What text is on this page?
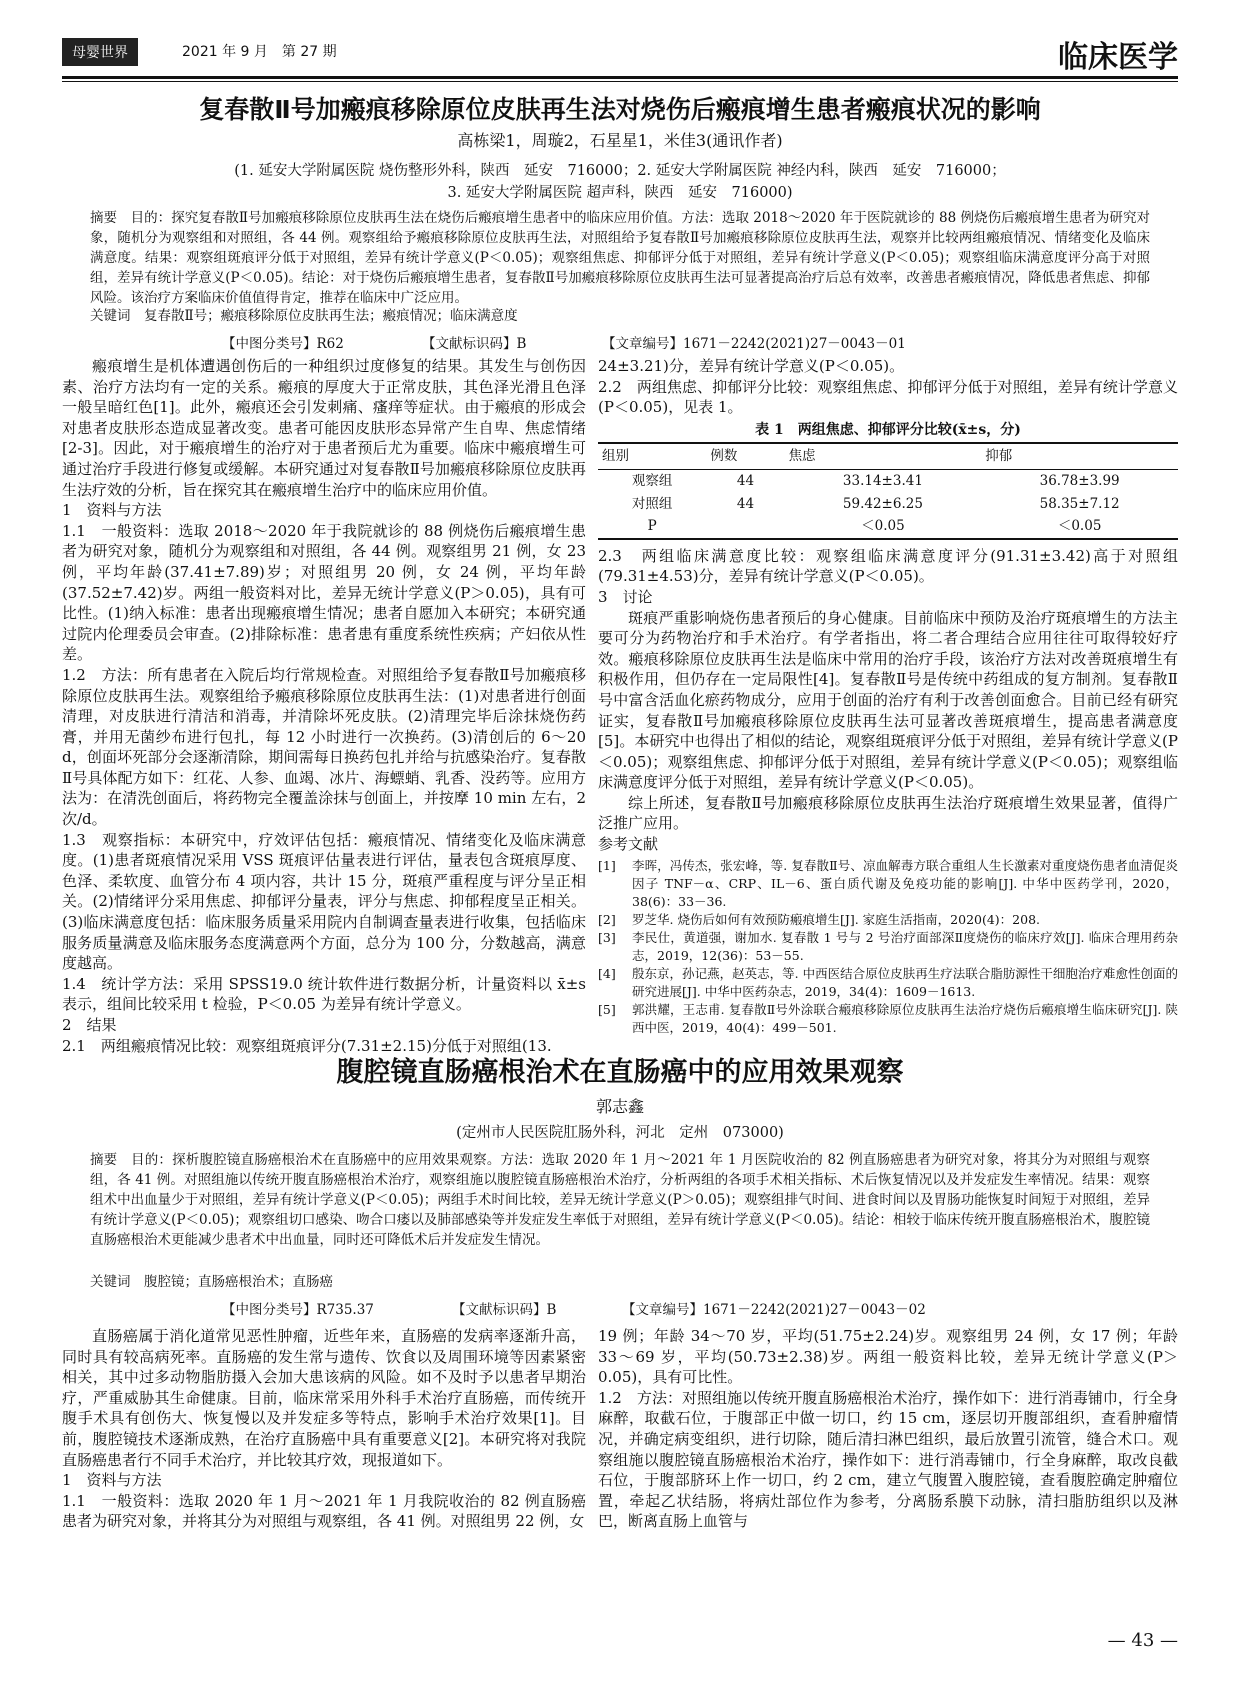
母婴世界	2021 年 9 月　第 27 期	临床医学
复春散Ⅱ号加瘢痕移除原位皮肤再生法对烧伤后瘢痕增生患者瘢痕状况的影响
高栋梁1，周璇2，石星星1，米佳3(通讯作者)
(1. 延安大学附属医院 烧伤整形外科，陕西　延安　716000；2. 延安大学附属医院 神经内科，陕西　延安　716000；
3. 延安大学附属医院 超声科，陕西　延安　716000)
摘要　目的：探究复春散Ⅱ号加瘢痕移除原位皮肤再生法在烧伤后瘢痕增生患者中的临床应用价值。方法：选取 2018～2020 年于医院就诊的 88 例烧伤后瘢痕增生患者为研究对象，随机分为观察组和对照组，各 44 例。观察组给予瘢痕移除原位皮肤再生法，对照组给予复春散Ⅱ号加瘢痕移除原位皮肤再生法，观察并比较两组瘢痕情况、情绪变化及临床满意度。结果：观察组斑痕评分低于对照组，差异有统计学意义(P＜0.05)；观察组焦虑、抑郁评分低于对照组，差异有统计学意义(P＜0.05)；观察组临床满意度评分高于对照组，差异有统计学意义(P＜0.05)。结论：对于烧伤后瘢痕增生患者，复春散Ⅱ号加瘢痕移除原位皮肤再生法可显著提高治疗后总有效率，改善患者瘢痕情况，降低患者焦虑、抑郁风险。该治疗方案临床价值值得肯定，推荐在临床中广泛应用。
关键词　复春散Ⅱ号；瘢痕移除原位皮肤再生法；瘢痕情况；临床满意度
【中图分类号】R62	【文献标识码】B	【文章编号】1671－2242(2021)27－0043－01

瘢痕增生是机体遭遇创伤后的一种组织过度修复的结果。其发生与创伤因素、治疗方法均有一定的关系。瘢痕的厚度大于正常皮肤，其色泽光滑且色泽一般呈暗红色[1]。此外，瘢痕还会引发刺痛、瘙痒等症状。由于瘢痕的形成会对患者皮肤形态造成显著改变。患者可能因皮肤形态异常产生自卑、焦虑情绪[2-3]。因此，对于瘢痕增生的治疗对于患者预后尤为重要。临床中瘢痕增生可通过治疗手段进行修复或缓解。本研究通过对复春散Ⅱ号加瘢痕移除原位皮肤再生法疗效的分析，旨在探究其在瘢痕增生治疗中的临床应用价值。

1　资料与方法

1.1　一般资料：选取 2018～2020 年于我院就诊的 88 例烧伤后瘢痕增生患者为研究对象，随机分为观察组和对照组，各 44 例。观察组男 21 例，女 23 例，平均年龄(37.41±7.89)岁；对照组男 20 例，女 24 例，平均年龄(37.52±7.42)岁。两组一般资料对比，差异无统计学意义(P＞0.05)，具有可比性。(1)纳入标准：患者出现瘢痕增生情况；患者自愿加入本研究；本研究通过院内伦理委员会审查。(2)排除标准：患者患有重度系统性疾病；产妇依从性差。

1.2　方法：所有患者在入院后均行常规检查。对照组给予复春散Ⅱ号加瘢痕移除原位皮肤再生法。观察组给予瘢痕移除原位皮肤再生法：(1)对患者进行创面清理，对皮肤进行清洁和消毒，并清除坏死皮肤。(2)清理完毕后涂抹烧伤药膏，并用无菌纱布进行包扎，每 12 小时进行一次换药。(3)清创后的 6～20 d，创面坏死部分会逐渐清除，期间需每日换药包扎并给与抗感染治疗。复春散Ⅱ号具体配方如下：红花、人参、血竭、冰片、海螵蛸、乳香、没药等。应用方法为：在清洗创面后，将药物完全覆盖涂抹与创面上，并按摩 10 min 左右，2 次/d。

1.3　观察指标：本研究中，疗效评估包括：瘢痕情况、情绪变化及临床满意度。(1)患者斑痕情况采用 VSS 斑痕评估量表进行评估，量表包含斑痕厚度、色泽、柔软度、血管分布 4 项内容，共计 15 分，斑痕严重程度与评分呈正相关。(2)情绪评分采用焦虑、抑郁评分量表，评分与焦虑、抑郁程度呈正相关。(3)临床满意度包括：临床服务质量采用院内自制调查量表进行收集，包括临床服务质量满意及临床服务态度满意两个方面，总分为 100 分，分数越高，满意度越高。

1.4　统计学方法：采用 SPSS19.0 统计软件进行数据分析，计量资料以 x̄±s 表示，组间比较采用 t 检验，P＜0.05 为差异有统计学意义。

2　结果

2.1　两组瘢痕情况比较：观察组斑痕评分(7.31±2.15)分低于对照组(13.

24±3.21)分，差异有统计学意义(P＜0.05)。

2.2　两组焦虑、抑郁评分比较：观察组焦虑、抑郁评分低于对照组，差异有统计学意义(P＜0.05)，见表 1。

表 1　两组焦虑、抑郁评分比较(x̄±s，分)
组别	例数	焦虑	抑郁
观察组	44	33.14±3.41	36.78±3.99
对照组	44	59.42±6.25	58.35±7.12
P		＜0.05	＜0.05

2.3　两组临床满意度比较：观察组临床满意度评分(91.31±3.42)高于对照组(79.31±4.53)分，差异有统计学意义(P＜0.05)。

3　讨论

斑痕严重影响烧伤患者预后的身心健康。目前临床中预防及治疗斑痕增生的方法主要可分为药物治疗和手术治疗。有学者指出，将二者合理结合应用往往可取得较好疗效。瘢痕移除原位皮肤再生法是临床中常用的治疗手段，该治疗方法对改善斑痕增生有积极作用，但仍存在一定局限性[4]。复春散Ⅱ号是传统中药组成的复方制剂。复春散Ⅱ号中富含活血化瘀药物成分，应用于创面的治疗有利于改善创面愈合。目前已经有研究证实，复春散Ⅱ号加瘢痕移除原位皮肤再生法可显著改善斑痕增生，提高患者满意度[5]。本研究中也得出了相似的结论，观察组斑痕评分低于对照组，差异有统计学意义(P＜0.05)；观察组焦虑、抑郁评分低于对照组，差异有统计学意义(P＜0.05)；观察组临床满意度评分低于对照组，差异有统计学意义(P＜0.05)。

综上所述，复春散Ⅱ号加瘢痕移除原位皮肤再生法治疗斑痕增生效果显著，值得广泛推广应用。

参考文献

[1]	李晖，冯传杰，张宏峰，等. 复春散Ⅱ号、凉血解毒方联合重组人生长激素对重度烧伤患者血清促炎因子 TNF－α、CRP、IL－6、蛋白质代谢及免疫功能的影响[J]. 中华中医药学刊，2020，38(6)：33－36.
[2]	罗芝华. 烧伤后如何有效预防瘢痕增生[J]. 家庭生活指南，2020(4)：208.
[3]	李民仕，黄道强，谢加水. 复春散 1 号与 2 号治疗面部深Ⅱ度烧伤的临床疗效[J]. 临床合理用药杂志，2019，12(36)：53－55.
[4]	殷东京，孙记燕，赵英志，等. 中西医结合原位皮肤再生疗法联合脂肪源性干细胞治疗难愈性创面的研究进展[J]. 中华中医药杂志，2019，34(4)：1609－1613.
[5]	郭洪耀，王志甫. 复春散Ⅱ号外涂联合瘢痕移除原位皮肤再生法治疗烧伤后瘢痕增生临床研究[J]. 陕西中医，2019，40(4)：499－501.
腹腔镜直肠癌根治术在直肠癌中的应用效果观察
郭志鑫
(定州市人民医院肛肠外科，河北　定州　073000)
摘要　目的：探析腹腔镜直肠癌根治术在直肠癌中的应用效果观察。方法：选取 2020 年 1 月～2021 年 1 月医院收治的 82 例直肠癌患者为研究对象，将其分为对照组与观察组，各 41 例。对照组施以传统开腹直肠癌根治术治疗，观察组施以腹腔镜直肠癌根治术治疗，分析两组的各项手术相关指标、术后恢复情况以及并发症发生率情况。结果：观察组术中出血量少于对照组，差异有统计学意义(P＜0.05)；两组手术时间比较，差异无统计学意义(P＞0.05)；观察组排气时间、进食时间以及胃肠功能恢复时间短于对照组，差异有统计学意义(P＜0.05)；观察组切口感染、吻合口瘘以及肺部感染等并发症发生率低于对照组，差异有统计学意义(P＜0.05)。结论：相较于临床传统开腹直肠癌根治术，腹腔镜直肠癌根治术更能减少患者术中出血量，同时还可降低术后并发症发生情况。
关键词　腹腔镜；直肠癌根治术；直肠癌
【中图分类号】R735.37	【文献标识码】B	【文章编号】1671－2242(2021)27－0043－02

直肠癌属于消化道常见恶性肿瘤，近些年来，直肠癌的发病率逐渐升高，同时具有较高病死率。直肠癌的发生常与遗传、饮食以及周围环境等因素紧密相关，其中过多动物脂肪摄入会加大患该病的风险。如不及时予以患者早期治疗，严重威胁其生命健康。目前，临床常采用外科手术治疗直肠癌，而传统开腹手术具有创伤大、恢复慢以及并发症多等特点，影响手术治疗效果[1]。目前，腹腔镜技术逐渐成熟，在治疗直肠癌中具有重要意义[2]。本研究将对我院直肠癌患者行不同手术治疗，并比较其疗效，现报道如下。

1　资料与方法

1.1　一般资料：选取 2020 年 1 月～2021 年 1 月我院收治的 82 例直肠癌患者为研究对象，并将其分为对照组与观察组，各 41 例。对照组男 22 例，女

19 例；年龄 34～70 岁，平均(51.75±2.24)岁。观察组男 24 例，女 17 例；年龄 33～69 岁，平均(50.73±2.38)岁。两组一般资料比较，差异无统计学意义(P＞0.05)，具有可比性。

1.2　方法：对照组施以传统开腹直肠癌根治术治疗，操作如下：进行消毒铺巾，行全身麻醉，取截石位，于腹部正中做一切口，约 15 cm，逐层切开腹部组织，查看肿瘤情况，并确定病变组织，进行切除，随后清扫淋巴组织，最后放置引流管，缝合术口。观察组施以腹腔镜直肠癌根治术治疗，操作如下：进行消毒铺巾，行全身麻醉，取改良截石位，于腹部脐环上作一切口，约 2 cm，建立气腹置入腹腔镜，查看腹腔确定肿瘤位置，牵起乙状结肠，将病灶部位作为参考，分离肠系膜下动脉，清扫脂肪组织以及淋巴，断离直肠上血管与

— 43 —
